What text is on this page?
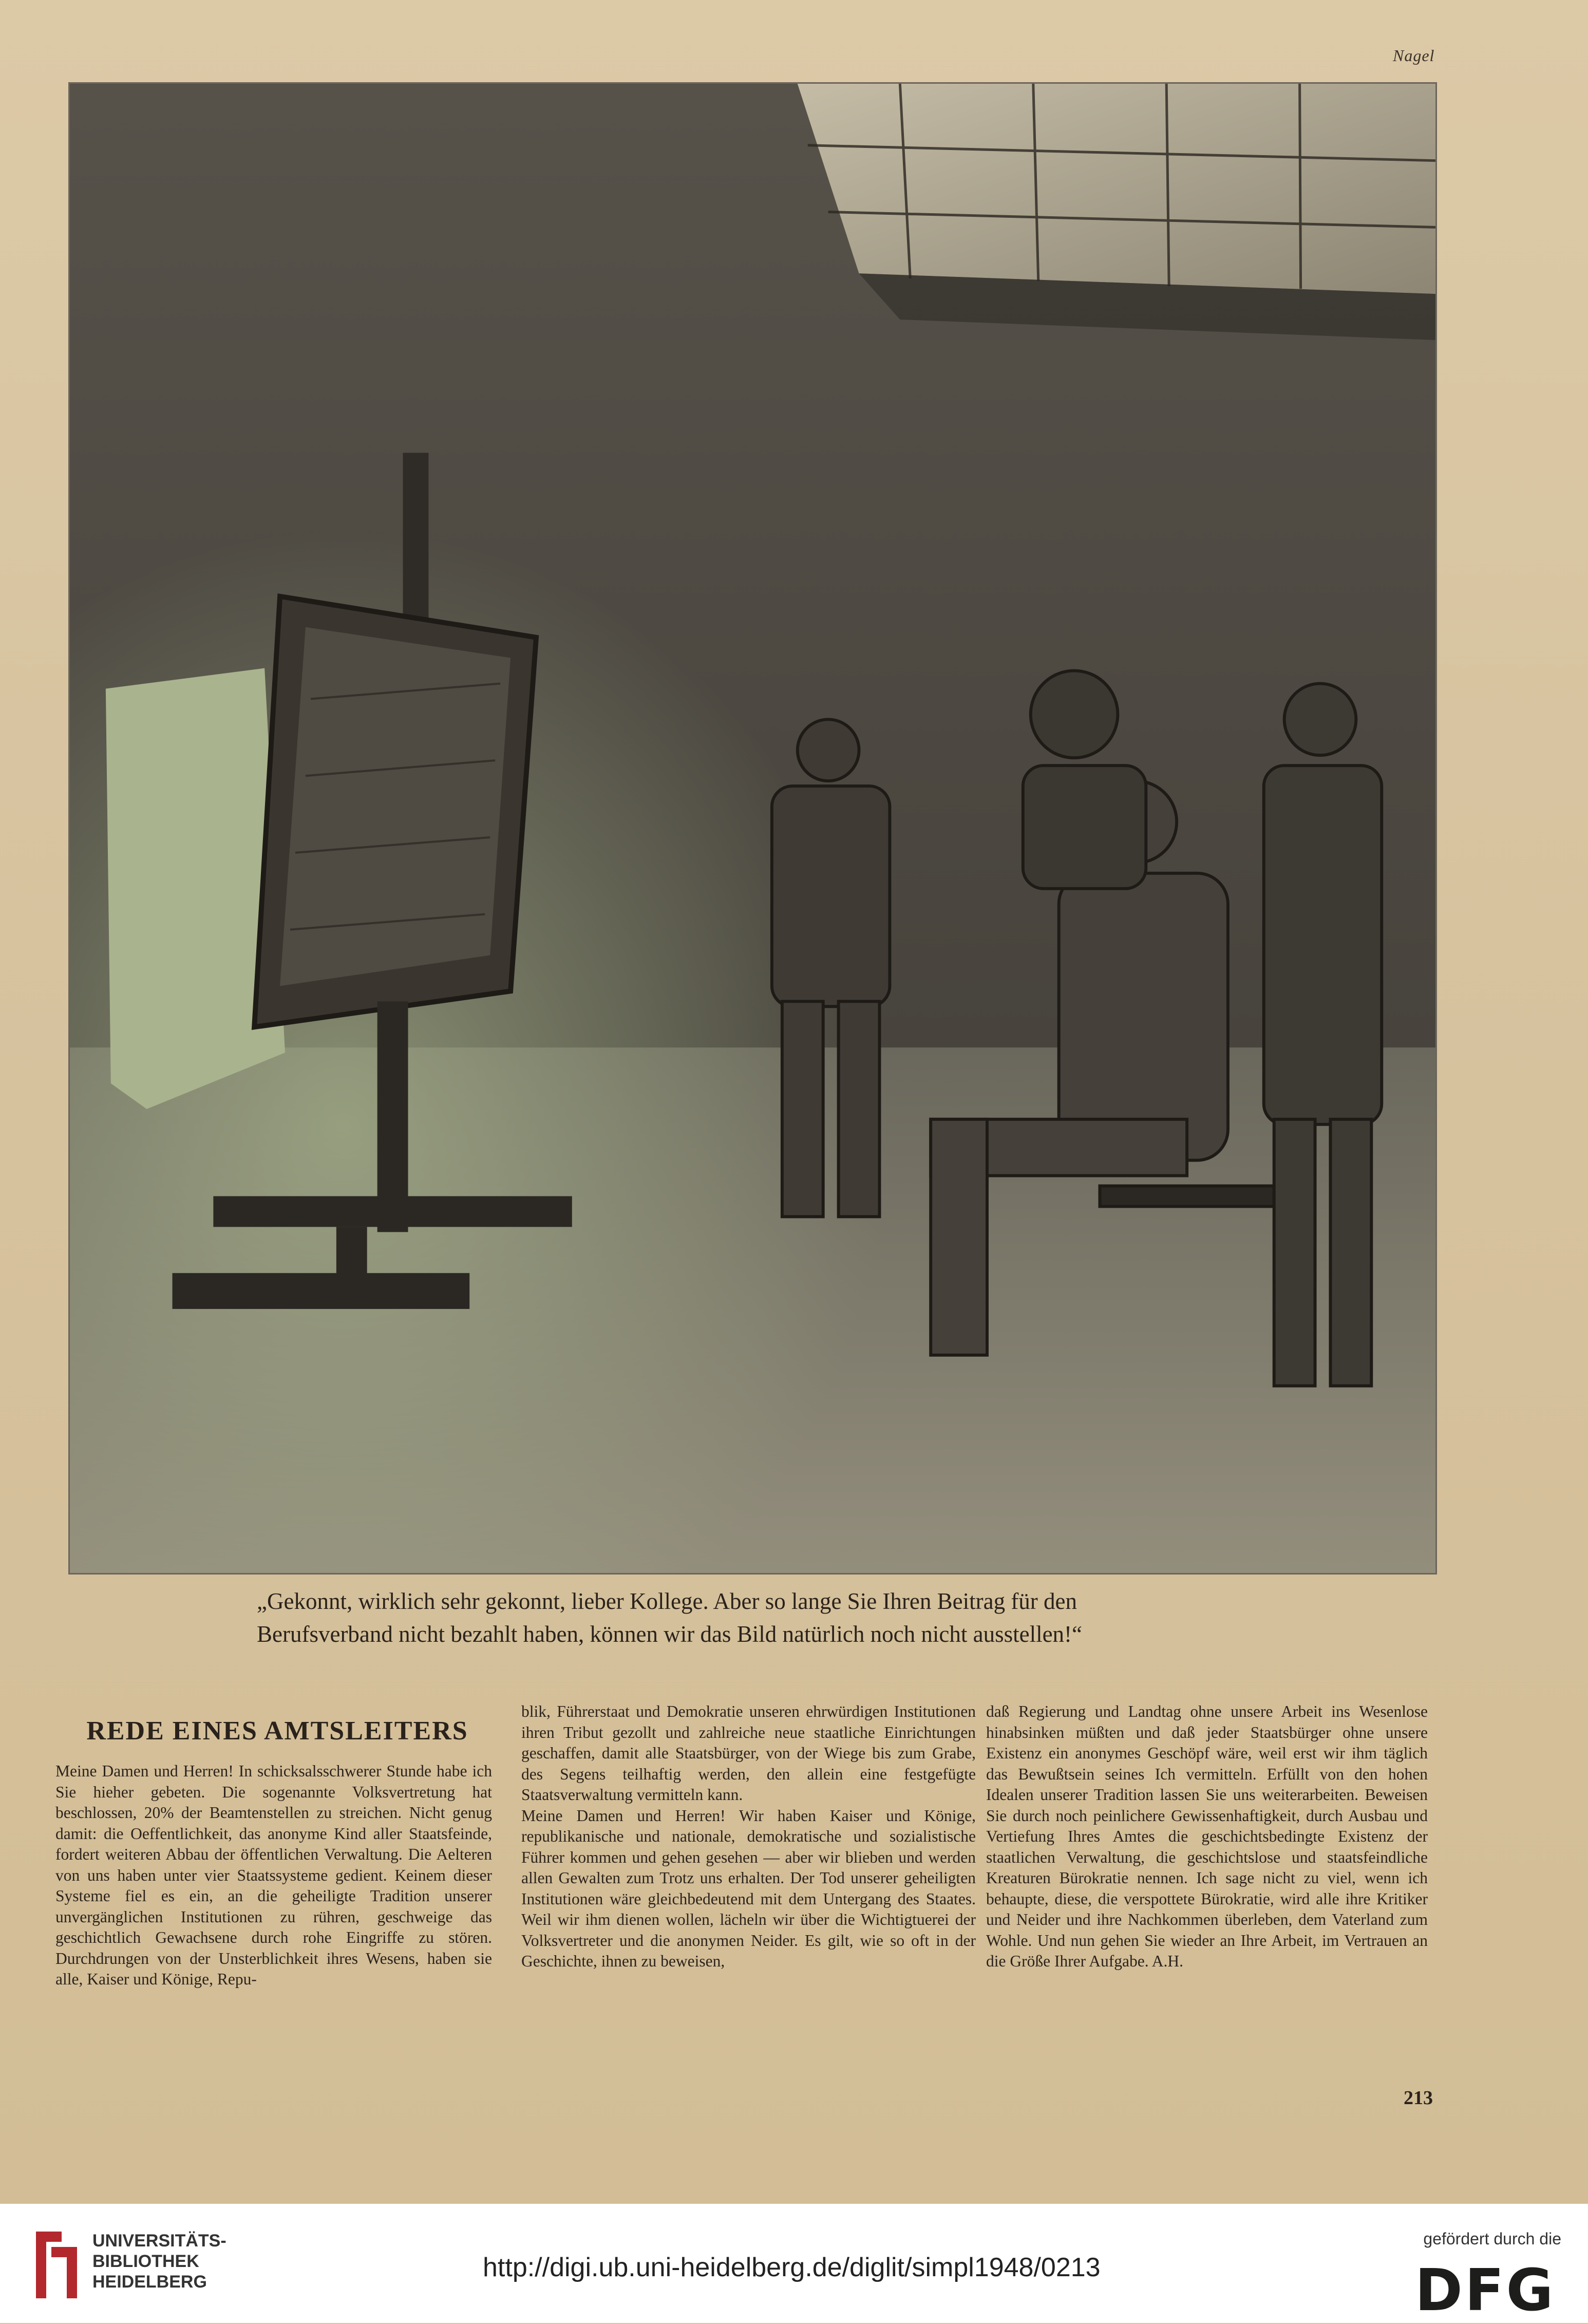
Nagel
„Gekonnt, wirklich sehr gekonnt, lieber Kollege. Aber so lange Sie Ihren Beitrag für den
Berufsverband nicht bezahlt haben, können wir das Bild natürlich noch nicht ausstellen!“
REDE EINES AMTSLEITERS

Meine Damen und Herren! In schicksalsschwerer Stunde habe ich Sie hieher gebeten. Die sogenannte Volksvertretung hat beschlossen, 20% der Beamtenstellen zu streichen. Nicht genug damit: die Oeffentlichkeit, das anonyme Kind aller Staatsfeinde, fordert weiteren Abbau der öffentlichen Verwaltung. Die Aelteren von uns haben unter vier Staatssysteme gedient. Keinem dieser Systeme fiel es ein, an die geheiligte Tradition unserer unvergänglichen Institutionen zu rühren, geschweige das geschichtlich Gewachsene durch rohe Eingriffe zu stören. Durchdrungen von der Unsterblichkeit ihres Wesens, haben sie alle, Kaiser und Könige, Repu-

blik, Führerstaat und Demokratie unseren ehrwürdigen Institutionen ihren Tribut gezollt und zahlreiche neue staatliche Einrichtungen geschaffen, damit alle Staatsbürger, von der Wiege bis zum Grabe, des Segens teilhaftig werden, den allein eine festgefügte Staatsverwaltung vermitteln kann.

Meine Damen und Herren! Wir haben Kaiser und Könige, republikanische und nationale, demokratische und sozialistische Führer kommen und gehen gesehen — aber wir blieben und werden allen Gewalten zum Trotz uns erhalten. Der Tod unserer geheiligten Institutionen wäre gleichbedeutend mit dem Untergang des Staates. Weil wir ihm dienen wollen, lächeln wir über die Wichtigtuerei der Volksvertreter und die anonymen Neider. Es gilt, wie so oft in der Geschichte, ihnen zu beweisen,

daß Regierung und Landtag ohne unsere Arbeit ins Wesenlose hinabsinken müßten und daß jeder Staatsbürger ohne unsere Existenz ein anonymes Geschöpf wäre, weil erst wir ihm täglich das Bewußtsein seines Ich vermitteln. Erfüllt von den hohen Idealen unserer Tradition lassen Sie uns weiterarbeiten. Beweisen Sie durch noch peinlichere Gewissenhaftigkeit, durch Ausbau und Vertiefung Ihres Amtes die geschichtsbedingte Existenz der staatlichen Verwaltung, die geschichtslose und staatsfeindliche Kreaturen Bürokratie nennen. Ich sage nicht zu viel, wenn ich behaupte, diese, die verspottete Bürokratie, wird alle ihre Kritiker und Neider und ihre Nachkommen überleben, dem Vaterland zum Wohle. Und nun gehen Sie wieder an Ihre Arbeit, im Vertrauen an die Größe Ihrer Aufgabe. A.H.

213
UNIVERSITÄTS-
BIBLIOTHEK
HEIDELBERG	http://digi.ub.uni-heidelberg.de/diglit/simpl1948/0213
gefördert durch die
DFG
